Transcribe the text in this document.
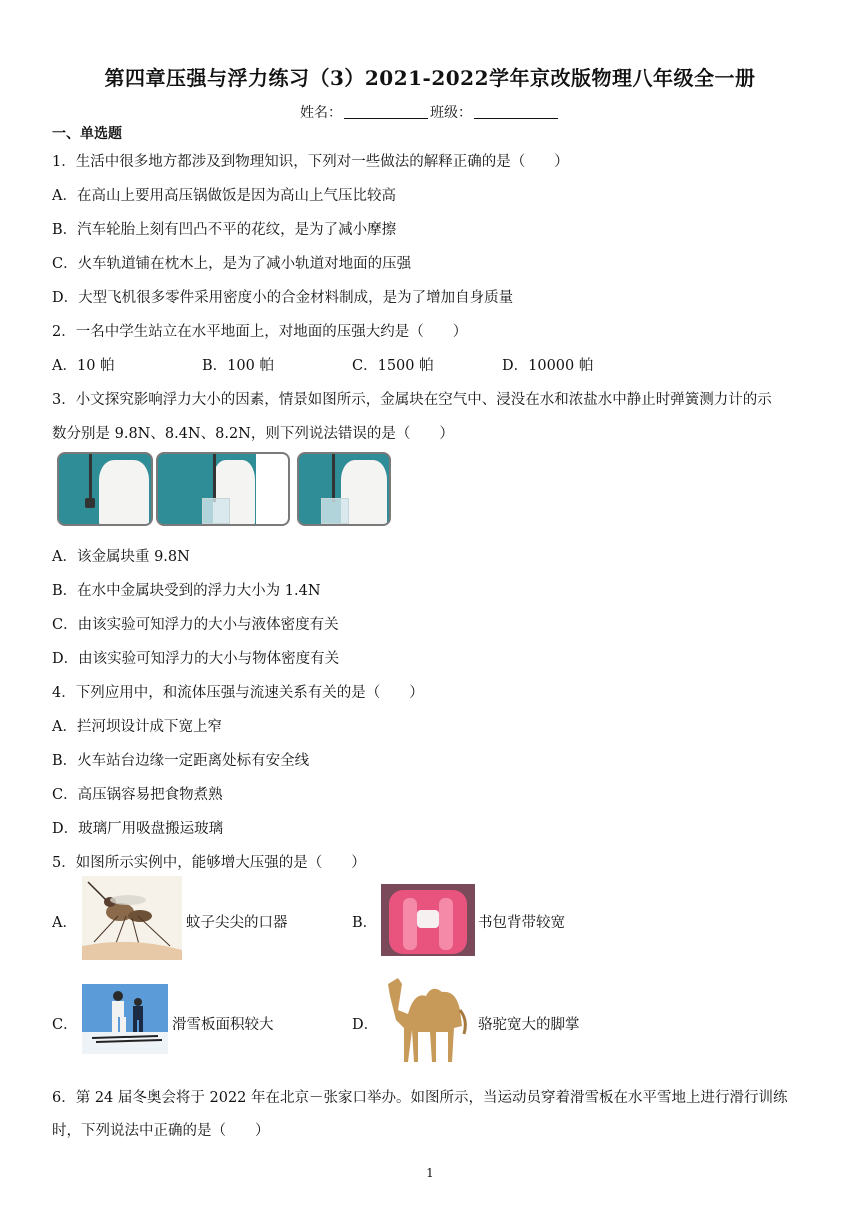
第四章压强与浮力练习（3）2021-2022学年京改版物理八年级全一册
姓名：	班级：
一、单选题
1．生活中很多地方都涉及到物理知识，下列对一些做法的解释正确的是（　　）
A．在高山上要用高压锅做饭是因为高山上气压比较高
B．汽车轮胎上刻有凹凸不平的花纹，是为了减小摩擦
C．火车轨道铺在枕木上，是为了减小轨道对地面的压强
D．大型飞机很多零件采用密度小的合金材料制成，是为了增加自身质量
2．一名中学生站立在水平地面上，对地面的压强大约是（　　）
A．10 帕	B．100 帕	C．1500 帕	D．10000 帕
3．小文探究影响浮力大小的因素，情景如图所示，金属块在空气中、浸没在水和浓盐水中静止时弹簧测力计的示
数分别是 9.8N、8.4N、8.2N，则下列说法错误的是（　　）
A．该金属块重 9.8N
B．在水中金属块受到的浮力大小为 1.4N
C．由该实验可知浮力的大小与液体密度有关
D．由该实验可知浮力的大小与物体密度有关
4．下列应用中，和流体压强与流速关系有关的是（　　）
A．拦河坝设计成下宽上窄
B．火车站台边缘一定距离处标有安全线
C．高压锅容易把食物煮熟
D．玻璃厂用吸盘搬运玻璃
5．如图所示实例中，能够增大压强的是（　　）
A．	蚊子尖尖的口器	B．	书包背带较宽
C．	滑雪板面积较大	D．	骆驼宽大的脚掌
6．第 24 届冬奥会将于 2022 年在北京－张家口举办。如图所示，当运动员穿着滑雪板在水平雪地上进行滑行训练
时，下列说法中正确的是（　　）
1
